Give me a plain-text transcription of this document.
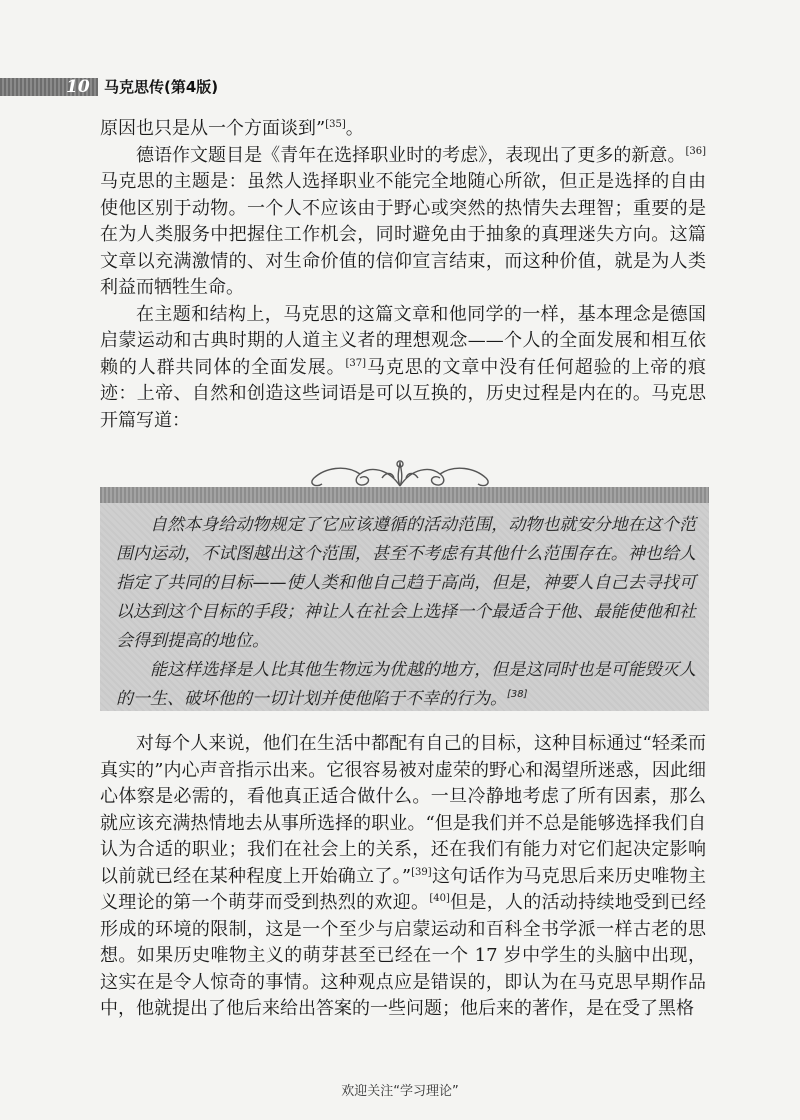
10 马克思传(第4版)

原因也只是从一个方面谈到”[35]。

德语作文题目是《青年在选择职业时的考虑》，表现出了更多的新意。[36]马克思的主题是：虽然人选择职业不能完全地随心所欲，但正是选择的自由使他区别于动物。一个人不应该由于野心或突然的热情失去理智；重要的是在为人类服务中把握住工作机会，同时避免由于抽象的真理迷失方向。这篇文章以充满激情的、对生命价值的信仰宣言结束，而这种价值，就是为人类利益而牺牲生命。

在主题和结构上，马克思的这篇文章和他同学的一样，基本理念是德国启蒙运动和古典时期的人道主义者的理想观念——个人的全面发展和相互依赖的人群共同体的全面发展。[37]马克思的文章中没有任何超验的上帝的痕迹：上帝、自然和创造这些词语是可以互换的，历史过程是内在的。马克思开篇写道：

自然本身给动物规定了它应该遵循的活动范围，动物也就安分地在这个范围内运动，不试图越出这个范围，甚至不考虑有其他什么范围存在。神也给人指定了共同的目标——使人类和他自己趋于高尚，但是，神要人自己去寻找可以达到这个目标的手段；神让人在社会上选择一个最适合于他、最能使他和社会得到提高的地位。

能这样选择是人比其他生物远为优越的地方，但是这同时也是可能毁灭人的一生、破坏他的一切计划并使他陷于不幸的行为。[38]

对每个人来说，他们在生活中都配有自己的目标，这种目标通过“轻柔而真实的”内心声音指示出来。它很容易被对虚荣的野心和渴望所迷惑，因此细心体察是必需的，看他真正适合做什么。一旦冷静地考虑了所有因素，那么就应该充满热情地去从事所选择的职业。“但是我们并不总是能够选择我们自认为合适的职业；我们在社会上的关系，还在我们有能力对它们起决定影响以前就已经在某种程度上开始确立了。”[39]这句话作为马克思后来历史唯物主义理论的第一个萌芽而受到热烈的欢迎。[40]但是，人的活动持续地受到已经形成的环境的限制，这是一个至少与启蒙运动和百科全书学派一样古老的思想。如果历史唯物主义的萌芽甚至已经在一个 17 岁中学生的头脑中出现，这实在是令人惊奇的事情。这种观点应是错误的，即认为在马克思早期作品中，他就提出了他后来给出答案的一些问题；他后来的著作，是在受了黑格

欢迎关注“学习理论”
